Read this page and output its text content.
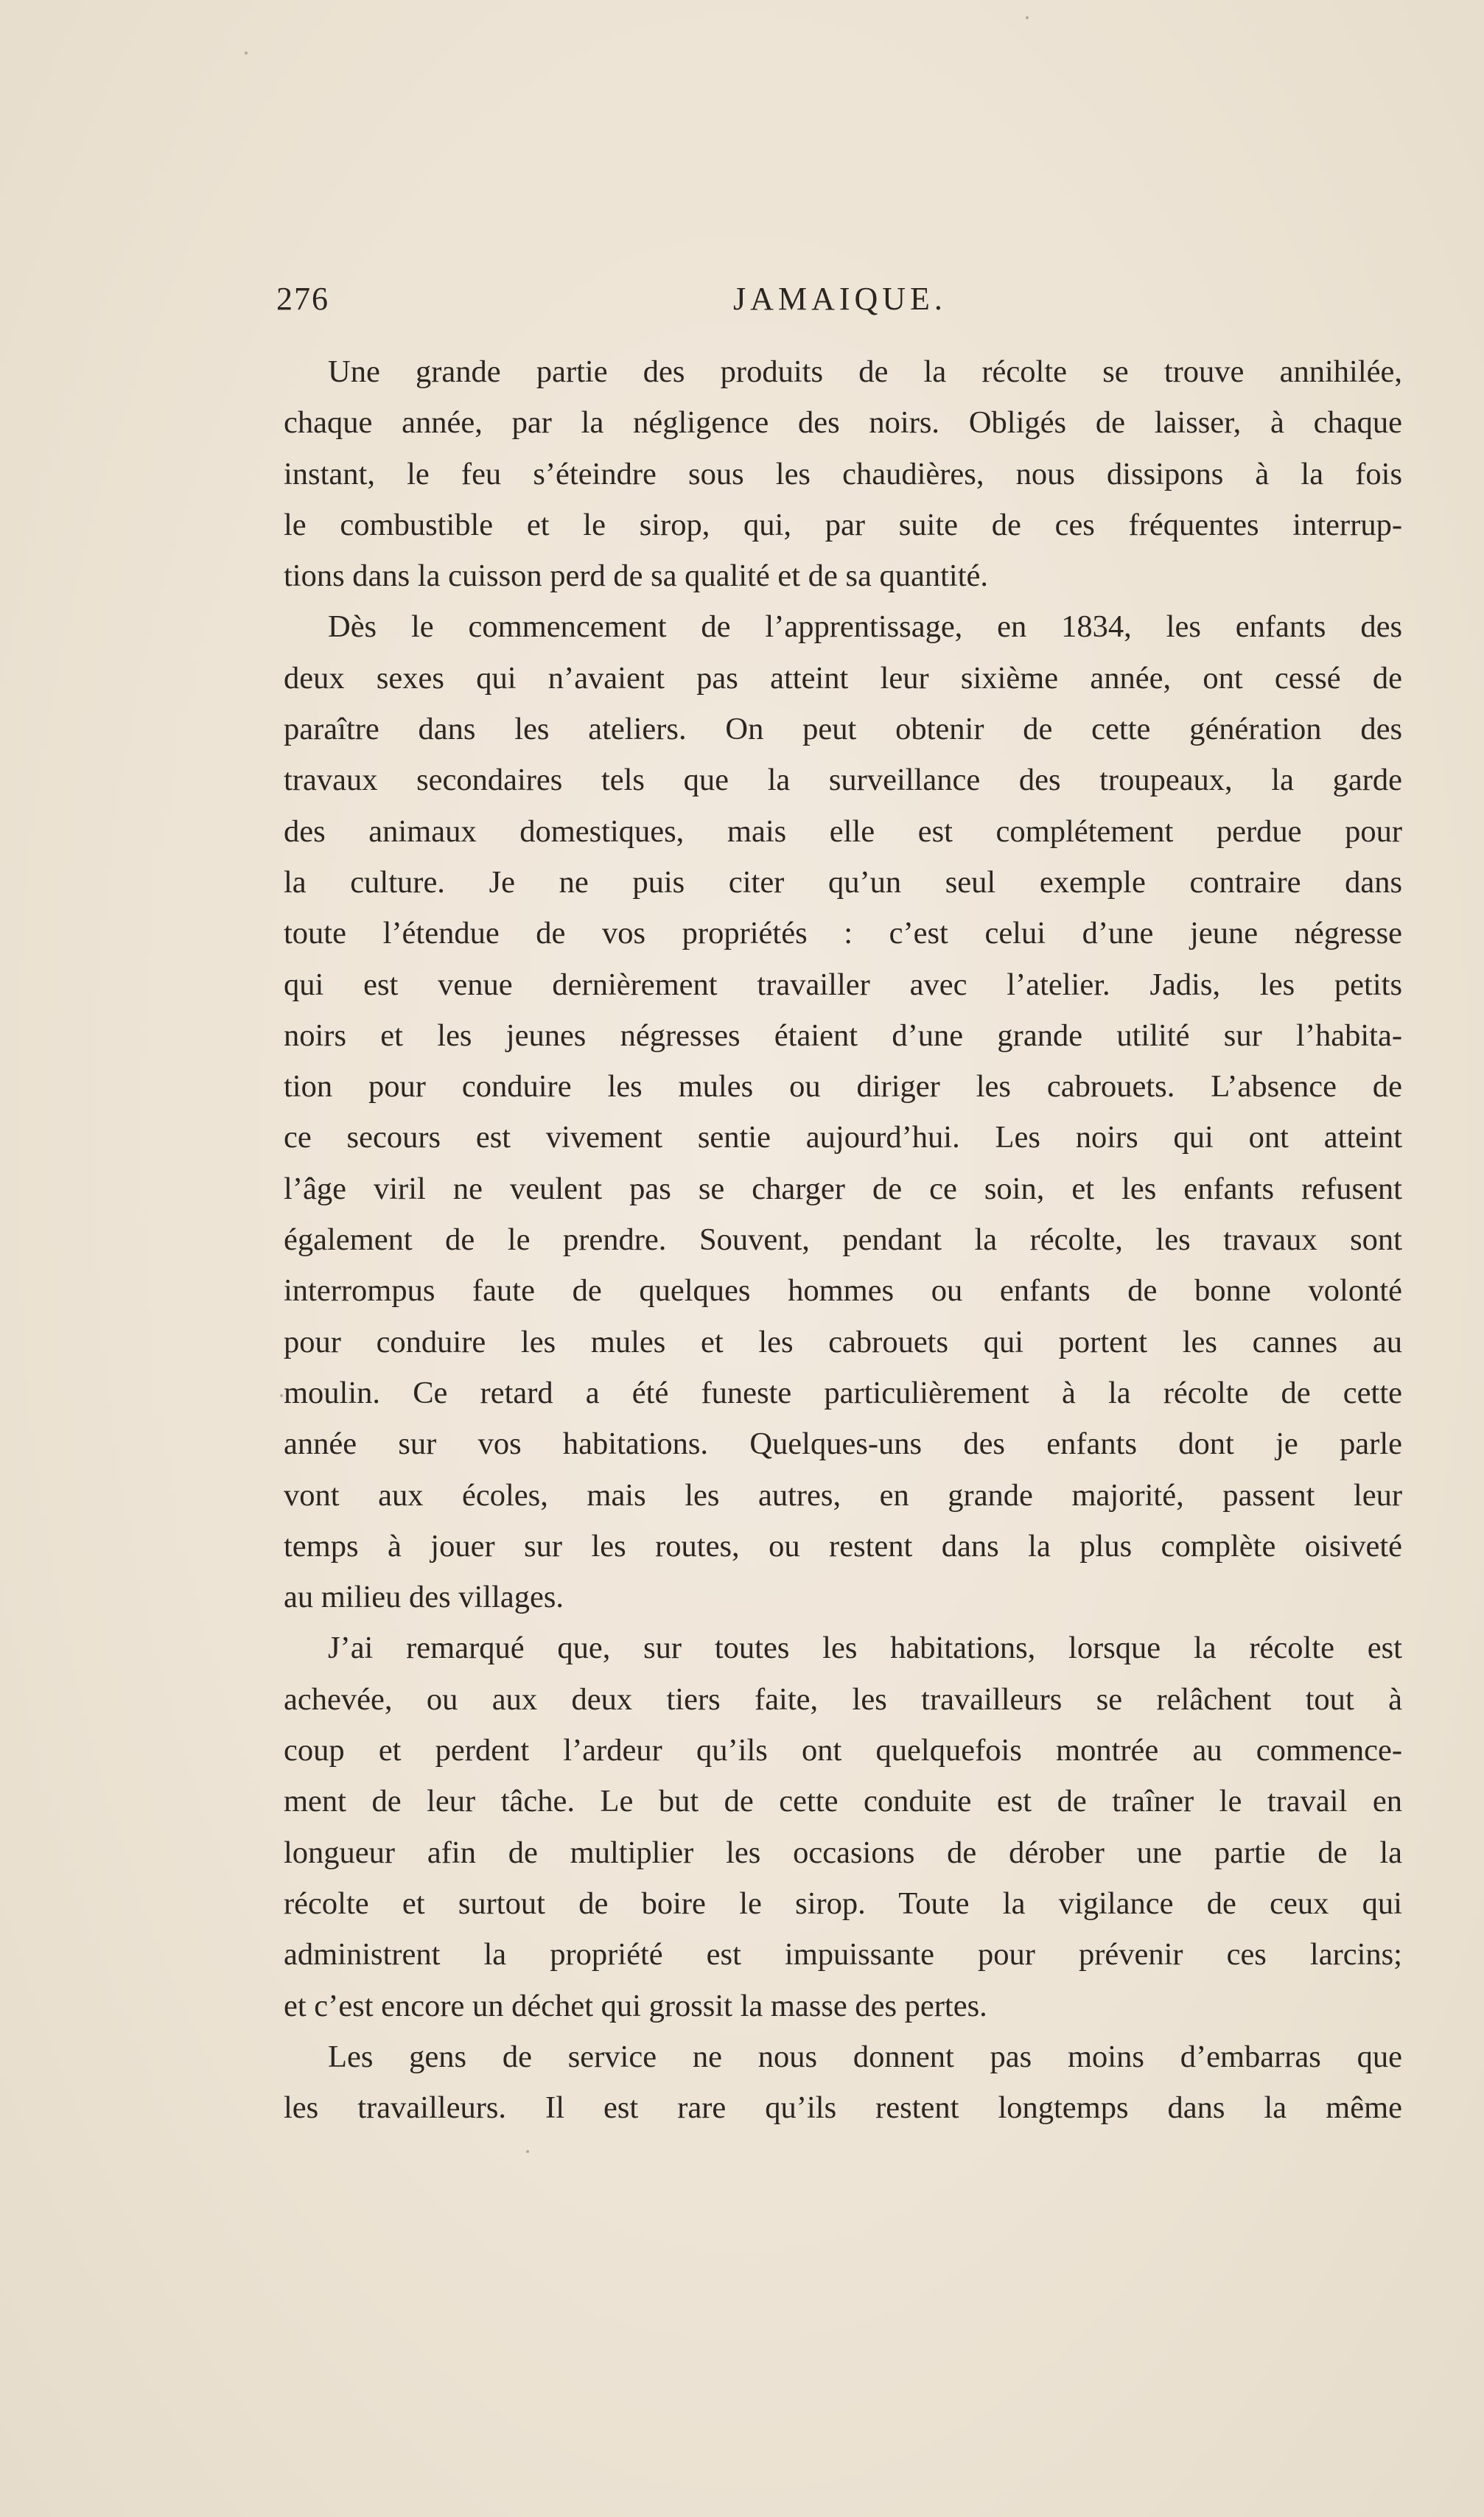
276	JAMAIQUE.

Une grande partie des produits de la récolte se trouve annihilée,
chaque année, par la négligence des noirs. Obligés de laisser, à chaque
instant, le feu s’éteindre sous les chaudières, nous dissipons à la fois
le combustible et le sirop, qui, par suite de ces fréquentes interrup-
tions dans la cuisson perd de sa qualité et de sa quantité.

Dès le commencement de l’apprentissage, en 1834, les enfants des
deux sexes qui n’avaient pas atteint leur sixième année, ont cessé de
paraître dans les ateliers. On peut obtenir de cette génération des
travaux secondaires tels que la surveillance des troupeaux, la garde
des animaux domestiques, mais elle est complétement perdue pour
la culture. Je ne puis citer qu’un seul exemple contraire dans
toute l’étendue de vos propriétés : c’est celui d’une jeune négresse
qui est venue dernièrement travailler avec l’atelier. Jadis, les petits
noirs et les jeunes négresses étaient d’une grande utilité sur l’habita-
tion pour conduire les mules ou diriger les cabrouets. L’absence de
ce secours est vivement sentie aujourd’hui. Les noirs qui ont atteint
l’âge viril ne veulent pas se charger de ce soin, et les enfants refusent
également de le prendre. Souvent, pendant la récolte, les travaux sont
interrompus faute de quelques hommes ou enfants de bonne volonté
pour conduire les mules et les cabrouets qui portent les cannes au
moulin. Ce retard a été funeste particulièrement à la récolte de cette
année sur vos habitations. Quelques-uns des enfants dont je parle
vont aux écoles, mais les autres, en grande majorité, passent leur
temps à jouer sur les routes, ou restent dans la plus complète oisiveté
au milieu des villages.

J’ai remarqué que, sur toutes les habitations, lorsque la récolte est
achevée, ou aux deux tiers faite, les travailleurs se relâchent tout à
coup et perdent l’ardeur qu’ils ont quelquefois montrée au commence-
ment de leur tâche. Le but de cette conduite est de traîner le travail en
longueur afin de multiplier les occasions de dérober une partie de la
récolte et surtout de boire le sirop. Toute la vigilance de ceux qui
administrent la propriété est impuissante pour prévenir ces larcins;
et c’est encore un déchet qui grossit la masse des pertes.

Les gens de service ne nous donnent pas moins d’embarras que
les travailleurs. Il est rare qu’ils restent longtemps dans la même
